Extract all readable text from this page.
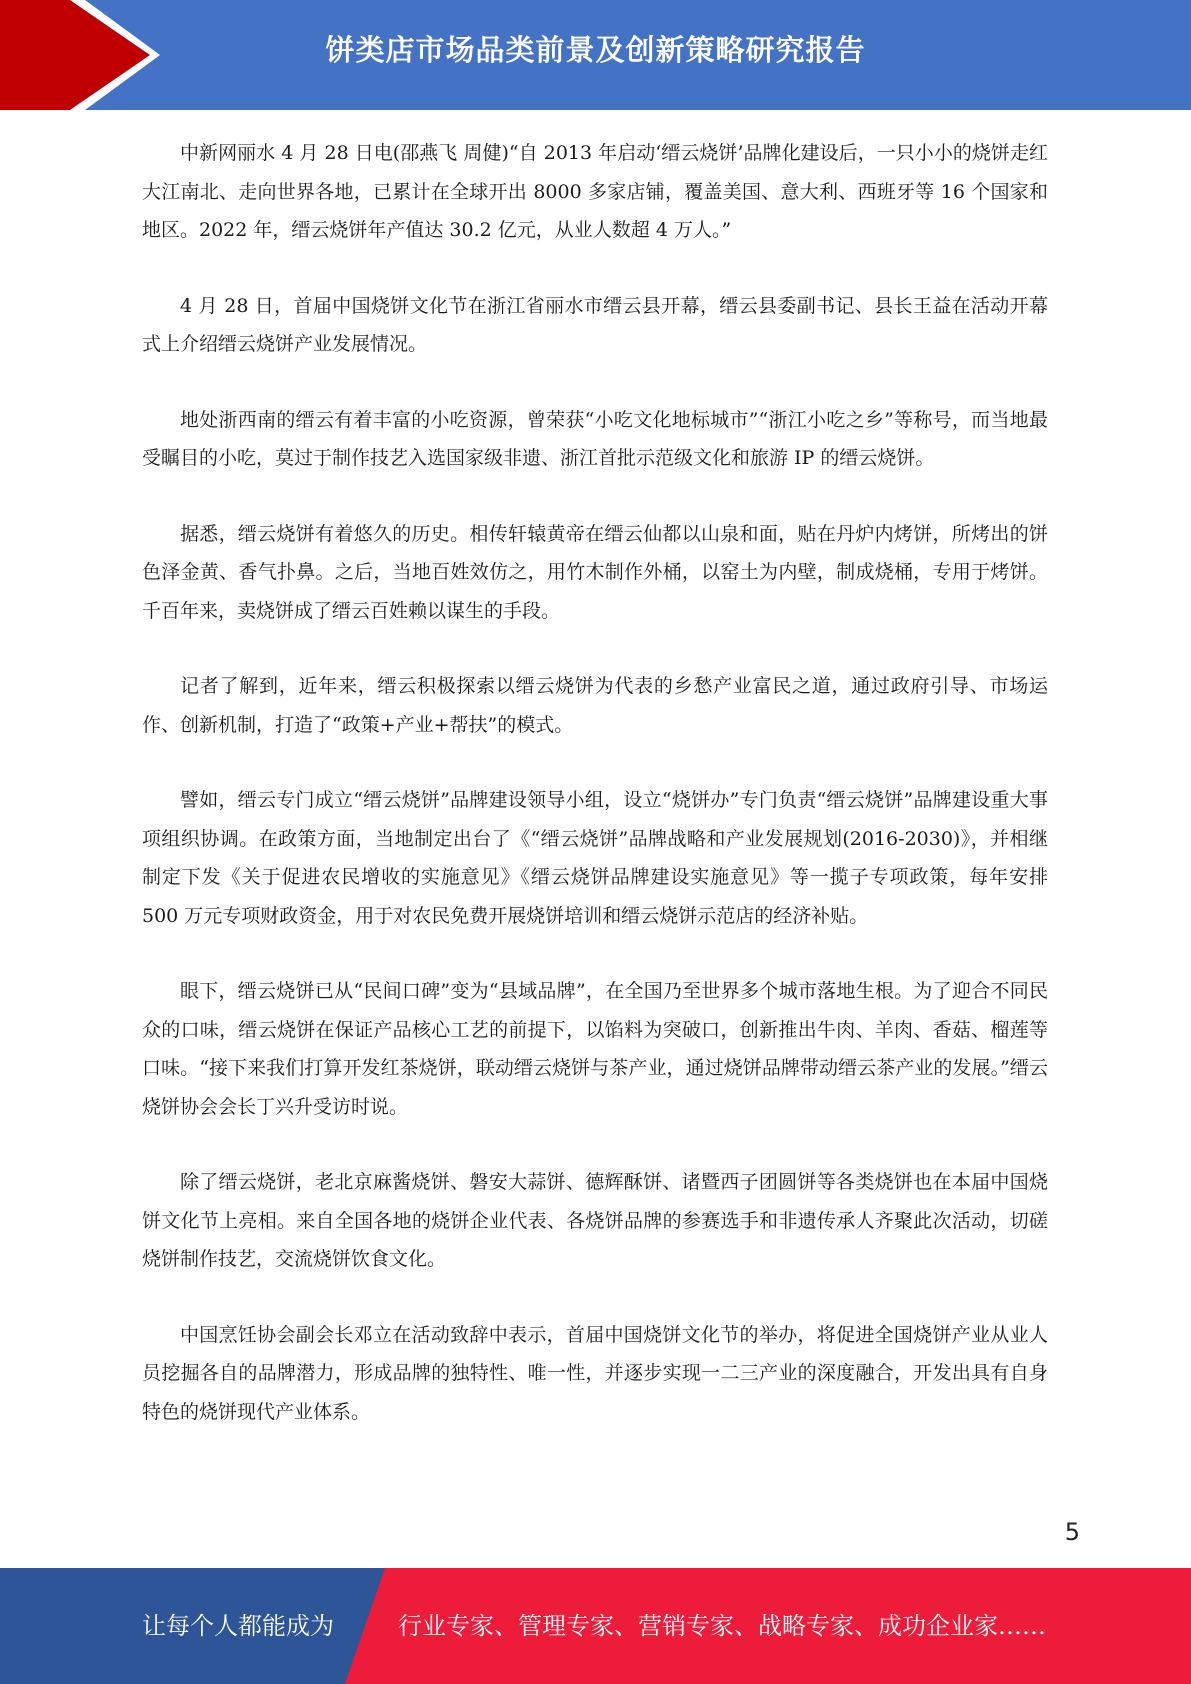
饼类店市场品类前景及创新策略研究报告

中新网丽水 4 月 28 日电(邵燕飞 周健)“自 2013 年启动‘缙云烧饼’品牌化建设后，一只小小的烧饼走红大江南北、走向世界各地，已累计在全球开出 8000 多家店铺，覆盖美国、意大利、西班牙等 16 个国家和地区。2022 年，缙云烧饼年产值达 30.2 亿元，从业人数超 4 万人。”

4 月 28 日，首届中国烧饼文化节在浙江省丽水市缙云县开幕，缙云县委副书记、县长王益在活动开幕式上介绍缙云烧饼产业发展情况。

地处浙西南的缙云有着丰富的小吃资源，曾荣获“小吃文化地标城市”“浙江小吃之乡”等称号，而当地最受瞩目的小吃，莫过于制作技艺入选国家级非遗、浙江首批示范级文化和旅游 IP 的缙云烧饼。

据悉，缙云烧饼有着悠久的历史。相传轩辕黄帝在缙云仙都以山泉和面，贴在丹炉内烤饼，所烤出的饼色泽金黄、香气扑鼻。之后，当地百姓效仿之，用竹木制作外桶，以窑土为内壁，制成烧桶，专用于烤饼。千百年来，卖烧饼成了缙云百姓赖以谋生的手段。

记者了解到，近年来，缙云积极探索以缙云烧饼为代表的乡愁产业富民之道，通过政府引导、市场运作、创新机制，打造了“政策+产业+帮扶”的模式。

譬如，缙云专门成立“缙云烧饼”品牌建设领导小组，设立“烧饼办”专门负责“缙云烧饼”品牌建设重大事项组织协调。在政策方面，当地制定出台了《“缙云烧饼”品牌战略和产业发展规划(2016-2030)》，并相继制定下发《关于促进农民增收的实施意见》《缙云烧饼品牌建设实施意见》等一揽子专项政策，每年安排 500 万元专项财政资金，用于对农民免费开展烧饼培训和缙云烧饼示范店的经济补贴。

眼下，缙云烧饼已从“民间口碑”变为“县域品牌”，在全国乃至世界多个城市落地生根。为了迎合不同民众的口味，缙云烧饼在保证产品核心工艺的前提下，以馅料为突破口，创新推出牛肉、羊肉、香菇、榴莲等口味。“接下来我们打算开发红茶烧饼，联动缙云烧饼与茶产业，通过烧饼品牌带动缙云茶产业的发展。”缙云烧饼协会会长丁兴升受访时说。

除了缙云烧饼，老北京麻酱烧饼、磐安大蒜饼、德辉酥饼、诸暨西子团圆饼等各类烧饼也在本届中国烧饼文化节上亮相。来自全国各地的烧饼企业代表、各烧饼品牌的参赛选手和非遗传承人齐聚此次活动，切磋烧饼制作技艺，交流烧饼饮食文化。

中国烹饪协会副会长邓立在活动致辞中表示，首届中国烧饼文化节的举办，将促进全国烧饼产业从业人员挖掘各自的品牌潜力，形成品牌的独特性、唯一性，并逐步实现一二三产业的深度融合，开发出具有自身特色的烧饼现代产业体系。

5
让每个人都能成为	行业专家、管理专家、营销专家、战略专家、成功企业家……
